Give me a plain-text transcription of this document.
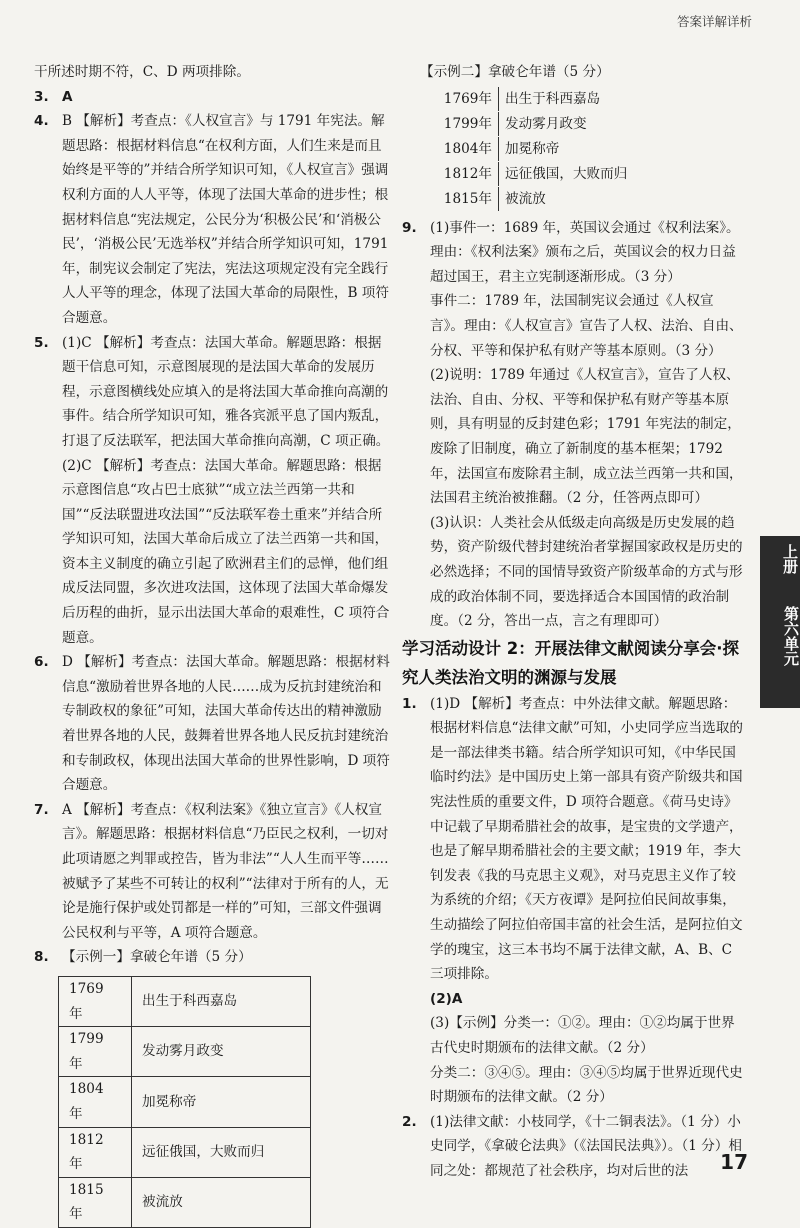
答案详解详析

干所述时期不符，C、D 两项排除。

3. A

4. B 【解析】考查点：《人权宣言》与 1791 年宪法。解题思路：根据材料信息“在权利方面，人们生来是而且始终是平等的”并结合所学知识可知，《人权宣言》强调权利方面的人人平等，体现了法国大革命的进步性；根据材料信息“宪法规定，公民分为‘积极公民’和‘消极公民’，‘消极公民’无选举权”并结合所学知识可知，1791 年，制宪议会制定了宪法，宪法这项规定没有完全践行人人平等的理念，体现了法国大革命的局限性，B 项符合题意。

5. (1)C 【解析】考查点：法国大革命。解题思路：根据题干信息可知，示意图展现的是法国大革命的发展历程，示意图横线处应填入的是将法国大革命推向高潮的事件。结合所学知识可知，雅各宾派平息了国内叛乱，打退了反法联军，把法国大革命推向高潮，C 项正确。

(2)C 【解析】考查点：法国大革命。解题思路：根据示意图信息“攻占巴士底狱”“成立法兰西第一共和国”“反法联盟进攻法国”“反法联军卷土重来”并结合所学知识可知，法国大革命后成立了法兰西第一共和国，资本主义制度的确立引起了欧洲君主们的忌惮，他们组成反法同盟，多次进攻法国，这体现了法国大革命爆发后历程的曲折，显示出法国大革命的艰难性，C 项符合题意。

6. D 【解析】考查点：法国大革命。解题思路：根据材料信息“激励着世界各地的人民……成为反抗封建统治和专制政权的象征”可知，法国大革命传达出的精神激励着世界各地的人民，鼓舞着世界各地人民反抗封建统治和专制政权，体现出法国大革命的世界性影响，D 项符合题意。

7. A 【解析】考查点：《权利法案》《独立宣言》《人权宣言》。解题思路：根据材料信息“乃臣民之权利，一切对此项请愿之判罪或控告，皆为非法”“人人生而平等……被赋予了某些不可转让的权利”“法律对于所有的人，无论是施行保护或处罚都是一样的”可知，三部文件强调公民权利与平等，A 项符合题意。

8. 【示例一】拿破仑年谱（5 分）

1769 年	出生于科西嘉岛
1799 年	发动雾月政变
1804 年	加冕称帝
1812 年	远征俄国，大败而归
1815 年	被流放

【示例二】拿破仑年谱（5 分）

1769年 出生于科西嘉岛
1799年 发动雾月政变
1804年 加冕称帝
1812年 远征俄国，大败而归
1815年 被流放
9. (1)事件一：1689 年，英国议会通过《权利法案》。理由：《权利法案》颁布之后，英国议会的权力日益超过国王，君主立宪制逐渐形成。（3 分）

事件二：1789 年，法国制宪议会通过《人权宣言》。理由：《人权宣言》宣告了人权、法治、自由、分权、平等和保护私有财产等基本原则。（3 分）

(2)说明：1789 年通过《人权宣言》，宣告了人权、法治、自由、分权、平等和保护私有财产等基本原则，具有明显的反封建色彩；1791 年宪法的制定，废除了旧制度，确立了新制度的基本框架；1792 年，法国宣布废除君主制，成立法兰西第一共和国，法国君主统治被推翻。（2 分，任答两点即可）

(3)认识：人类社会从低级走向高级是历史发展的趋势，资产阶级代替封建统治者掌握国家政权是历史的必然选择；不同的国情导致资产阶级革命的方式与形成的政治体制不同，要选择适合本国国情的政治制度。（2 分，答出一点，言之有理即可）

学习活动设计 2：开展法律文献阅读分享会·探究人类法治文明的渊源与发展

1. (1)D 【解析】考查点：中外法律文献。解题思路：根据材料信息“法律文献”可知，小史同学应当选取的是一部法律类书籍。结合所学知识可知，《中华民国临时约法》是中国历史上第一部具有资产阶级共和国宪法性质的重要文件，D 项符合题意。《荷马史诗》中记载了早期希腊社会的故事，是宝贵的文学遗产，也是了解早期希腊社会的主要文献；1919 年，李大钊发表《我的马克思主义观》，对马克思主义作了较为系统的介绍；《天方夜谭》是阿拉伯民间故事集，生动描绘了阿拉伯帝国丰富的社会生活，是阿拉伯文学的瑰宝，这三本书均不属于法律文献，A、B、C 三项排除。

(2)A

(3)【示例】分类一：①②。理由：①②均属于世界古代史时期颁布的法律文献。（2 分）

分类二：③④⑤。理由：③④⑤均属于世界近现代史时期颁布的法律文献。（2 分）

2. (1)法律文献：小枝同学，《十二铜表法》。（1 分）小史同学，《拿破仑法典》（《法国民法典》）。（1 分）相同之处：都规范了社会秩序，均对后世的法

上册
第六单元
17
